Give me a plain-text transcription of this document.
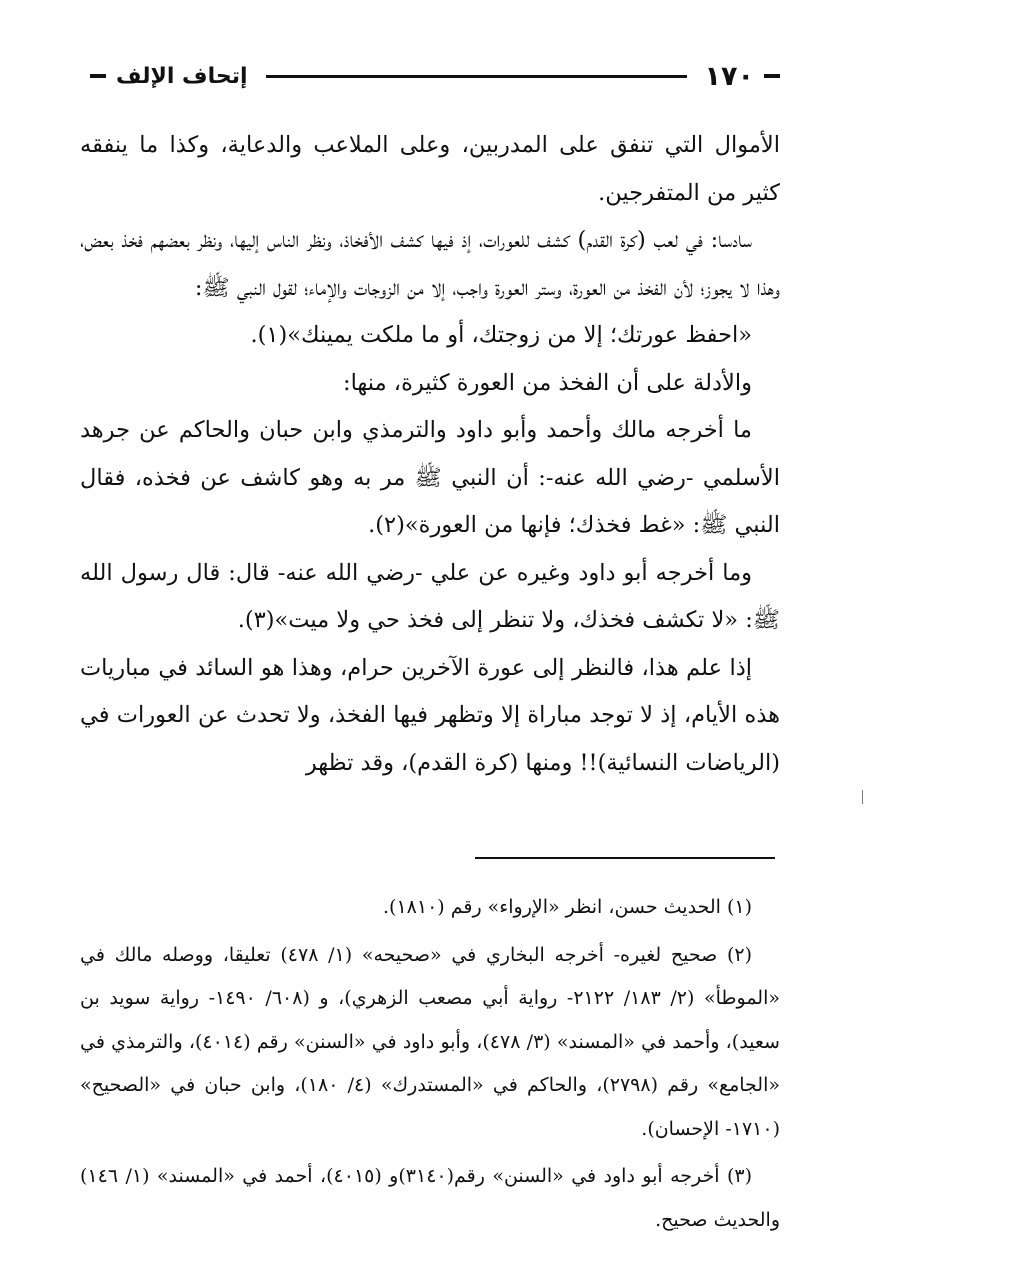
١٧٠
إتحاف الإلف

الأموال التي تنفق على المدربين، وعلى الملاعب والدعاية، وكذا ما ينفقه كثير من المتفرجين.

سادسا: في لعب (كرة القدم) كشف للعورات، إذ فيها كشف الأفخاذ، ونظر الناس إليها، ونظر بعضهم فخذ بعض، وهذا لا يجوز؛ لأن الفخذ من العورة، وستر العورة واجب، إلا من الزوجات والإماء؛ لقول النبي ﷺ:

«احفظ عورتك؛ إلا من زوجتك، أو ما ملكت يمينك»(١).

والأدلة على أن الفخذ من العورة كثيرة، منها:

ما أخرجه مالك وأحمد وأبو داود والترمذي وابن حبان والحاكم عن جرهد الأسلمي -رضي الله عنه-: أن النبي ﷺ مر به وهو كاشف عن فخذه، فقال النبي ﷺ: «غط فخذك؛ فإنها من العورة»(٢).

وما أخرجه أبو داود وغيره عن علي -رضي الله عنه- قال: قال رسول الله ﷺ: «لا تكشف فخذك، ولا تنظر إلى فخذ حي ولا ميت»(٣).

إذا علم هذا، فالنظر إلى عورة الآخرين حرام، وهذا هو السائد في مباريات هذه الأيام، إذ لا توجد مباراة إلا وتظهر فيها الفخذ، ولا تحدث عن العورات في (الرياضات النسائية)!! ومنها (كرة القدم)، وقد تظهر

(١) الحديث حسن، انظر «الإرواء» رقم (١٨١٠).

(٢) صحيح لغيره- أخرجه البخاري في «صحيحه» (١/ ٤٧٨) تعليقا، ووصله مالك في «الموطأ» (٢/ ١٨٣/ ٢١٢٢- رواية أبي مصعب الزهري)، و (٦٠٨/ ١٤٩٠- رواية سويد بن سعيد)، وأحمد في «المسند» (٣/ ٤٧٨)، وأبو داود في «السنن» رقم (٤٠١٤)، والترمذي في «الجامع» رقم (٢٧٩٨)، والحاكم في «المستدرك» (٤/ ١٨٠)، وابن حبان في «الصحيح» (١٧١٠- الإحسان).

(٣) أخرجه أبو داود في «السنن» رقم(٣١٤٠)و (٤٠١٥)، أحمد في «المسند» (١/ ١٤٦) والحديث صحيح.
